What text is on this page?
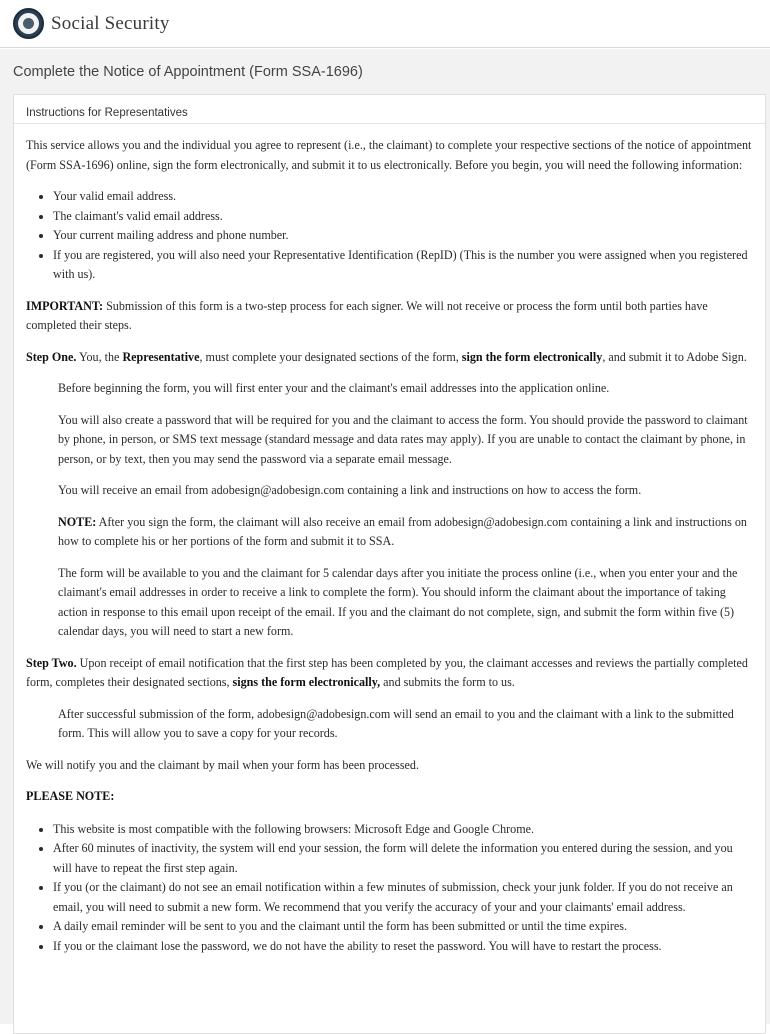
Social Security
Complete the Notice of Appointment (Form SSA-1696)
Instructions for Representatives

This service allows you and the individual you agree to represent (i.e., the claimant) to complete your respective sections of the notice of appointment (Form SSA-1696) online, sign the form electronically, and submit it to us electronically. Before you begin, you will need the following information:

• Your valid email address.
• The claimant's valid email address.
• Your current mailing address and phone number.
• If you are registered, you will also need your Representative Identification (RepID) (This is the number you were assigned when you registered with us).

IMPORTANT: Submission of this form is a two-step process for each signer. We will not receive or process the form until both parties have completed their steps.

Step One. You, the Representative, must complete your designated sections of the form, sign the form electronically, and submit it to Adobe Sign.

Before beginning the form, you will first enter your and the claimant's email addresses into the application online.

You will also create a password that will be required for you and the claimant to access the form. You should provide the password to claimant by phone, in person, or SMS text message (standard message and data rates may apply). If you are unable to contact the claimant by phone, in person, or by text, then you may send the password via a separate email message.

You will receive an email from adobesign@adobesign.com containing a link and instructions on how to access the form.

NOTE: After you sign the form, the claimant will also receive an email from adobesign@adobesign.com containing a link and instructions on how to complete his or her portions of the form and submit it to SSA.

The form will be available to you and the claimant for 5 calendar days after you initiate the process online (i.e., when you enter your and the claimant's email addresses in order to receive a link to complete the form). You should inform the claimant about the importance of taking action in response to this email upon receipt of the email. If you and the claimant do not complete, sign, and submit the form within five (5) calendar days, you will need to start a new form.

Step Two. Upon receipt of email notification that the first step has been completed by you, the claimant accesses and reviews the partially completed form, completes their designated sections, signs the form electronically, and submits the form to us.

After successful submission of the form, adobesign@adobesign.com will send an email to you and the claimant with a link to the submitted form. This will allow you to save a copy for your records.

We will notify you and the claimant by mail when your form has been processed.

PLEASE NOTE:
• This website is most compatible with the following browsers: Microsoft Edge and Google Chrome.
• After 60 minutes of inactivity, the system will end your session, the form will delete the information you entered during the session, and you will have to repeat the first step again.
• If you (or the claimant) do not see an email notification within a few minutes of submission, check your junk folder. If you do not receive an email, you will need to submit a new form. We recommend that you verify the accuracy of your and your claimants' email address.
• A daily email reminder will be sent to you and the claimant until the form has been submitted or until the time expires.
• If you or the claimant lose the password, we do not have the ability to reset the password. You will have to restart the process.
